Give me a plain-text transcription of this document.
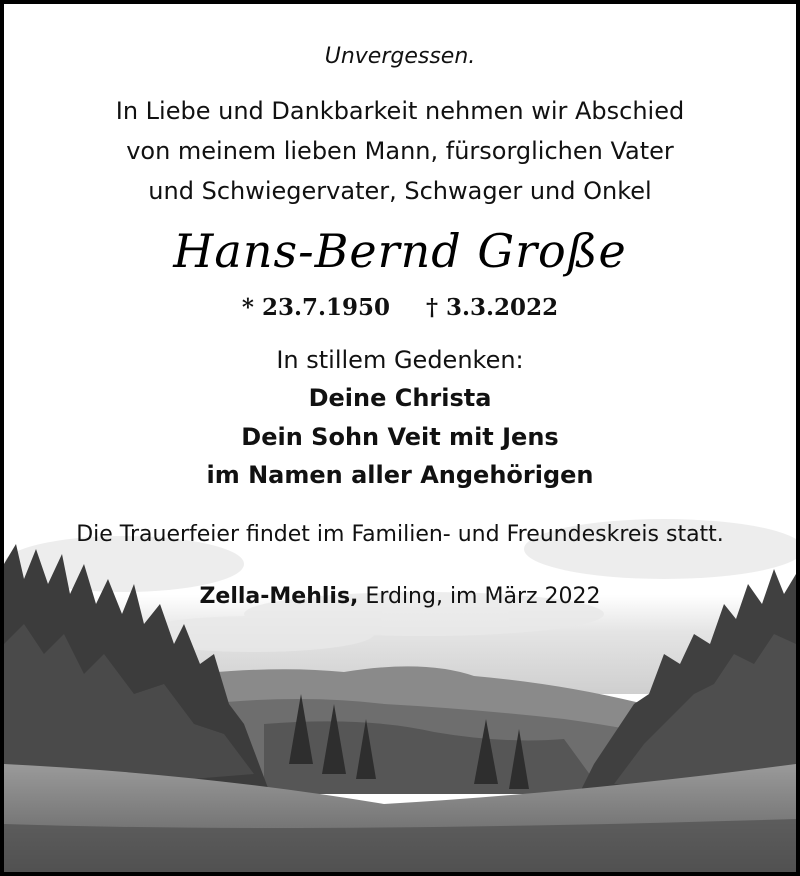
Unvergessen.
In Liebe und Dankbarkeit nehmen wir Abschied
von meinem lieben Mann, fürsorglichen Vater
und Schwiegervater, Schwager und Onkel
Hans-Bernd Große
* 23.7.1950 † 3.3.2022
In stillem Gedenken:
Deine Christa
Dein Sohn Veit mit Jens
im Namen aller Angehörigen
Die Trauerfeier findet im Familien- und Freundeskreis statt.
Zella-Mehlis, Erding, im März 2022
